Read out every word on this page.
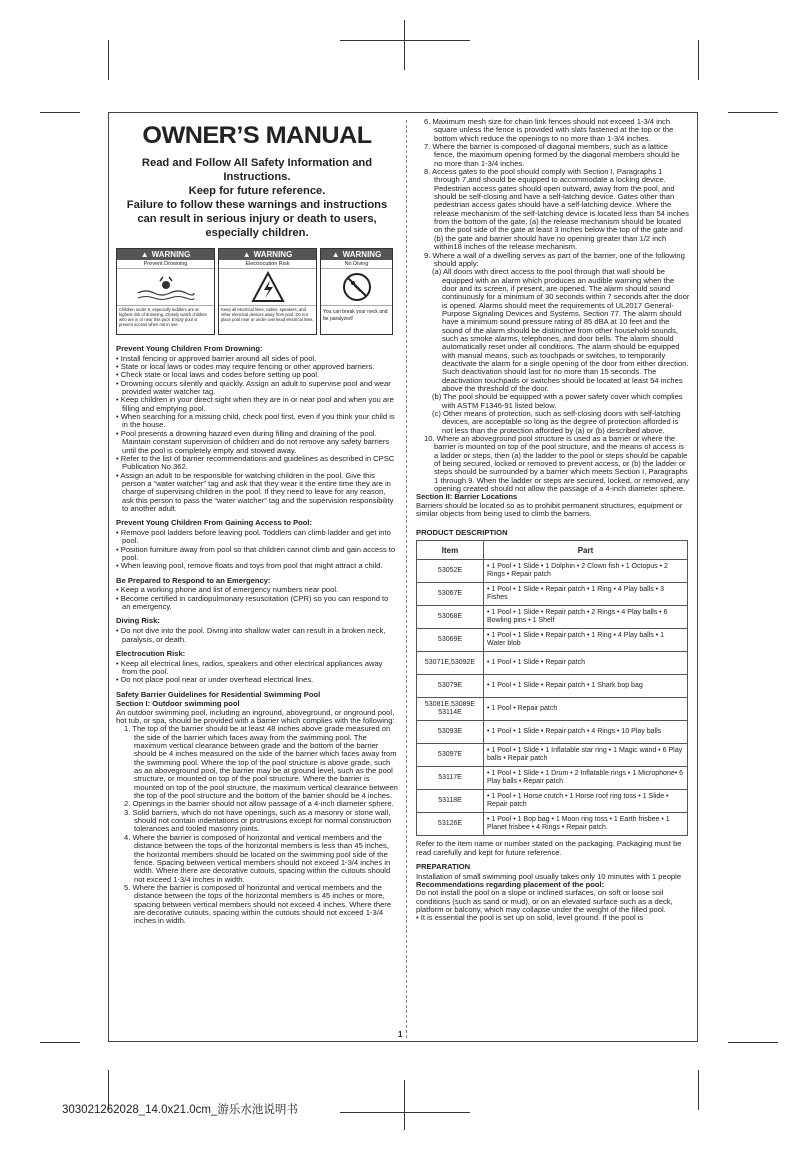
OWNER’S MANUAL
Read and Follow All Safety Information and Instructions.
Keep for future reference.
Failure to follow these warnings and instructions can result in serious injury or death to users, especially children.
▲ WARNING
Prevent Drowning
Children under 5, especially toddlers are at highest risk of drowning. Closely watch children who are in or near this pool. Empty pool or prevent access when not in use.
▲ WARNING
Electrocution Risk
Keep all electrical lines, radios, speakers, and other electrical devices away from pool. Do not place pool near or under overhead electrical lines.
▲ WARNING
No Diving
You can break your neck and be paralyzed!
Prevent Young Children From Drowning:

• Install fencing or approved barrier around all sides of pool.

• State or local laws or codes may require fencing or other approved barriers.

• Check state or local laws and codes before setting up pool.

• Drowning occurs silently and quickly. Assign an adult to supervise pool and wear provided water watcher tag.

• Keep children in your direct sight when they are in or near pool and when you are filling and emptying pool.

• When searching for a missing child, check pool first, even if you think your child is in the house.

• Pool presents a drowning hazard even during filling and draining of the pool. Maintain constant supervision of children and do not remove any safety barriers until the pool is completely empty and stowed away.

• Refer to the list of barrier recommendations and guidelines as described in CPSC Publication No.362.

• Assign an adult to be responsible for watching children in the pool. Give this person a “water watcher” tag and ask that they wear it the entire time they are in charge of supervising children in the pool. If they need to leave for any reason, ask this person to pass the “water watcher” tag and the supervision responsibility to another adult.

Prevent Young Children From Gaining Access to Pool:

• Remove pool ladders before leaving pool. Toddlers can climb ladder and get into pool.

• Position furniture away from pool so that children cannot climb and gain access to pool.

• When leaving pool, remove floats and toys from pool that might attract a child.

Be Prepared to Respond to an Emergency:

• Keep a working phone and list of emergency numbers near pool.

• Become certified in cardiopulmonary resuscitation (CPR) so you can respond to an emergency.

Diving Risk:

• Do not dive into the pool. Diving into shallow water can result in a broken neck, paralysis, or death.

Electrocution Risk:

• Keep all electrical lines, radios, speakers and other electrical appliances away from the pool.

• Do not place pool near or under overhead electrical lines.

Safety Barrier Guidelines for Residential Swimming Pool

Section I: Outdoor swimming pool

An outdoor swimming pool, including an inground, aboveground, or onground pool, hot tub, or spa, should be provided with a barrier which complies with the following:

1. The top of the barrier should be at least 48 inches above grade measured on the side of the barrier which faces away from the swimming pool. The maximum vertical clearance between grade and the bottom of the barrier should be 4 inches measured on the side of the barrier which faces away from the swimming pool. Where the top of the pool structure is above grade, such as an aboveground pool, the barrier may be at ground level, such as the pool structure, or mounted on top of the pool structure. Where the barrier is mounted on top of the pool structure, the maximum vertical clearance between the top of the pool structure and the bottom of the barrier should be 4 inches.

2. Openings in the barrier should not allow passage of a 4-inch diameter sphere.

3. Solid barriers, which do not have openings, such as a masonry or stone wall, should not contain indentations or protrusions except for normal construction tolerances and tooled masonry joints.

4. Where the barrier is composed of horizontal and vertical members and the distance between the tops of the horizontal members is less than 45 inches, the horizontal members should be located on the swimming pool side of the fence. Spacing between vertical members should not exceed 1-3/4 inches in width. Where there are decorative cutouts, spacing within the cutouts should not exceed 1-3/4 inches in width.

5. Where the barrier is composed of horizontal and vertical members and the distance between the tops of the horizontal members is 45 inches or more, spacing between vertical members should not exceed 4 inches. Where there are decorative cutouts, spacing within the cutouts should not exceed 1-3/4 inches in width.

6. Maximum mesh size for chain link fences should not exceed 1-3/4 inch square unless the fence is provided with slats fastened at the top or the bottom which reduce the openings to no more than 1-3/4 inches.

7. Where the barrier is composed of diagonal members, such as a lattice fence, the maximum opening formed by the diagonal members should be no more than 1-3/4 inches.

8. Access gates to the pool should comply with Section I, Paragraphs 1 through 7,and should be equipped to accommodate a locking device. Pedestrian access gates should open outward, away from the pool, and should be self-closing and have a self-latching device. Gates other than pedestrian access gates should have a self-latching device. Where the release mechanism of the self-latching device is located less than 54 inches from the bottom of the gate, (a) the release mechanism should be located on the pool side of the gate at least 3 inches below the top of the gate and (b) the gate and barrier should have no opening greater than 1/2 inch within18 inches of the release mechanism.

9. Where a wall of a dwelling serves as part of the barrier, one of the following should apply:

(a) All doors with direct access to the pool through that wall should be equipped with an alarm which produces an audible warning when the door and its screen, if present, are opened. The alarm should sound continuously for a minimum of 30 seconds within 7 seconds after the door is opened. Alarms should meet the requirements of UL2017 General-Purpose Signaling Devices and Systems, Section 77. The alarm should have a minimum sound pressure rating of 85 dBA at 10 feet and the sound of the alarm should be distinctive from other household sounds, such as smoke alarms, telephones, and door bells. The alarm should automatically reset under all conditions. The alarm should be equipped with manual means, such as touchpads or switches, to temporarily deactivate the alarm for a single opening of the door from either direction. Such deactivation should last for no more than 15 seconds. The deactivation touchpads or switches should be located at least 54 inches above the threshold of the door.

(b) The pool should be equipped with a power safety cover which complies with ASTM F1346-91 listed below.

(c) Other means of protection, such as self-closing doors with self-latching devices, are acceptable so long as the degree of protection afforded is not less than the protection afforded by (a) or (b) described above.

10. Where an aboveground pool structure is used as a barrier or where the barrier is mounted on top of the pool structure, and the means of access is a ladder or steps, then (a) the ladder to the pool or steps should be capable of being secured, locked or removed to prevent access, or (b) the ladder or steps should be surrounded by a barrier which meets Section I, Paragraphs 1 through 9. When the ladder or steps are secured, locked, or removed, any opening created should not allow the passage of a 4-inch diameter sphere.

Section II: Barrier Locations

Barriers should be located so as to prohibit permanent structures, equipment or similar objects from being used to climb the barriers.

PRODUCT DESCRIPTION
Item	Part
53052E	• 1 Pool • 1 Slide • 1 Dolphin • 2 Clown fish • 1 Octopus • 2 Rings • Repair patch
53067E	• 1 Pool • 1 Slide • Repair patch • 1 Ring • 4 Play balls • 3 Fishes
53068E	• 1 Pool • 1 Slide • Repair patch • 2 Rings • 4 Play balls • 6 Bowling pins • 1 Shelf
53069E	• 1 Pool • 1 Slide • Repair patch • 1 Ring • 4 Play balls • 1 Water blob
53071E,53092E	• 1 Pool • 1 Slide • Repair patch
53079E	• 1 Pool • 1 Slide • Repair patch • 1 Shark bop bag
53081E,53089E 53114E	• 1 Pool • Repair patch
53093E	• 1 Pool • 1 Slide • Repair patch • 4 Rings • 10 Play balls
53097E	• 1 Pool • 1 Slide • 1 Inflatable star ring • 1 Magic wand • 6 Play balls • Repair patch
53117E	• 1 Pool • 1 Slide • 1 Drum • 2 Inflatable rings • 1 Microphone• 6 Play balls • Repair patch
53118E	• 1 Pool • 1 Horse crutch • 1 Horse roof ring toss • 1 Slide • Repair patch
53126E	• 1 Pool • 1 Bop bag • 1 Moon ring toss • 1 Earth frisbee • 1 Planet frisbee • 4 Rings • Repair patch.

Refer to the item name or number stated on the packaging. Packaging must be read carefully and kept for future reference.

PREPARATION

Installation of small swimming pool usually takes only 10 minutes with 1 people

Recommendations regarding placement of the pool:

Do not install the pool on a slope or inclined surfaces, on soft or loose soil conditions (such as sand or mud), or on an elevated surface such as a deck, platform or balcony, which may collapse under the weight of the filled pool.

• It is essential the pool is set up on solid, level ground. If the pool is

1
303021262028_14.0x21.0cm_游乐水池说明书
